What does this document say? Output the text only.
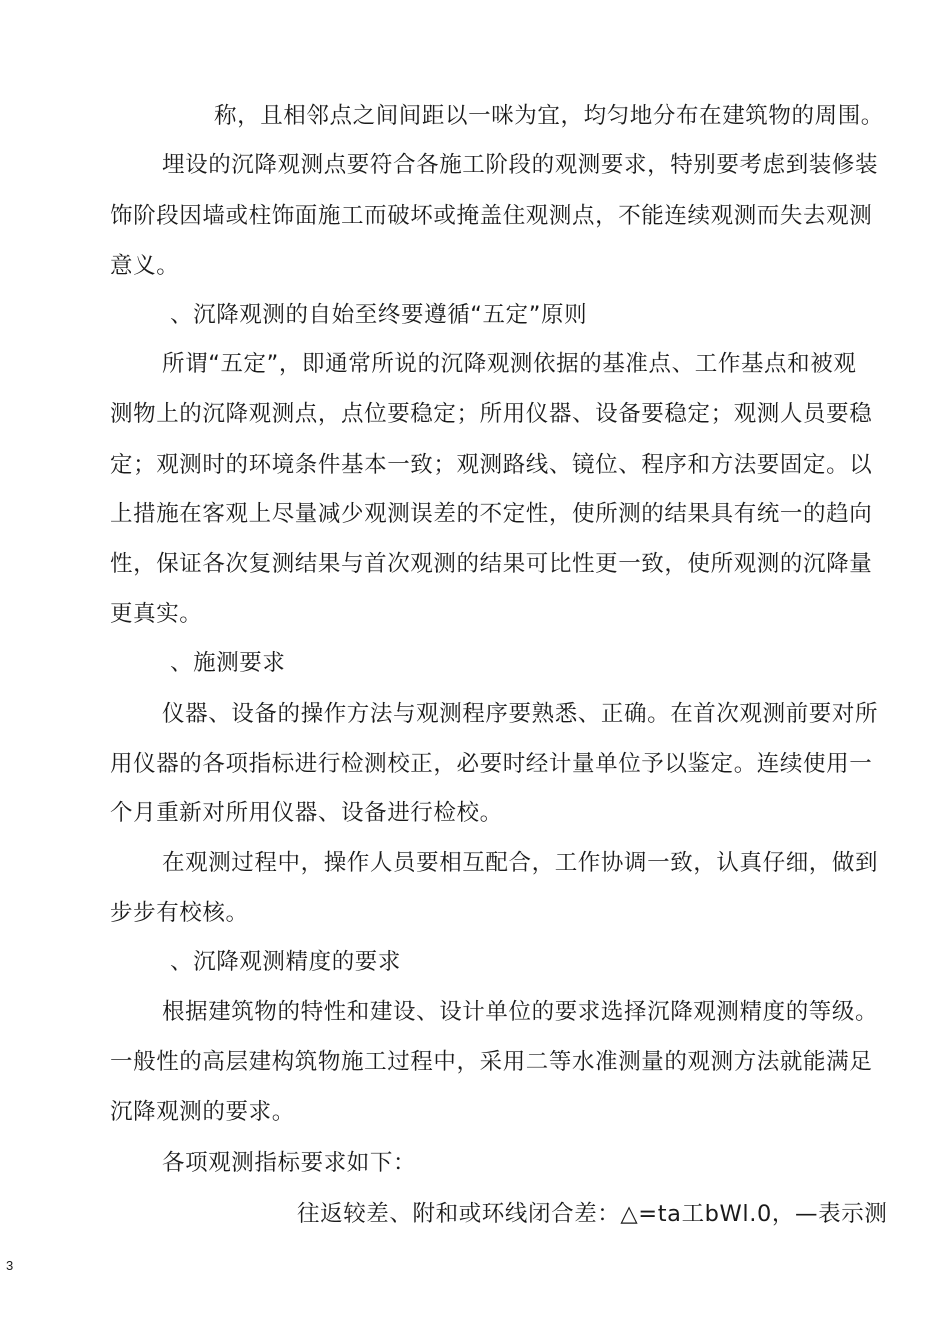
称，且相邻点之间间距以一咪为宜，均匀地分布在建筑物的周围。
埋设的沉降观测点要符合各施工阶段的观测要求，特别要考虑到装修装
饰阶段因墙或柱饰面施工而破坏或掩盖住观测点，不能连续观测而失去观测
意义。
、沉降观测的自始至终要遵循“五定”原则
所谓“五定”，即通常所说的沉降观测依据的基准点、工作基点和被观
测物上的沉降观测点，点位要稳定；所用仪器、设备要稳定；观测人员要稳
定；观测时的环境条件基本一致；观测路线、镜位、程序和方法要固定。以
上措施在客观上尽量减少观测误差的不定性，使所测的结果具有统一的趋向
性，保证各次复测结果与首次观测的结果可比性更一致，使所观测的沉降量
更真实。
、施测要求
仪器、设备的操作方法与观测程序要熟悉、正确。在首次观测前要对所
用仪器的各项指标进行检测校正，必要时经计量单位予以鉴定。连续使用一
个月重新对所用仪器、设备进行检校。
在观测过程中，操作人员要相互配合，工作协调一致，认真仔细，做到
步步有校核。
、沉降观测精度的要求
根据建筑物的特性和建设、设计单位的要求选择沉降观测精度的等级。
一般性的高层建构筑物施工过程中，采用二等水准测量的观测方法就能满足
沉降观测的要求。
各项观测指标要求如下：
往返较差、附和或环线闭合差：△=ta工bWl.0，—表示测
3
